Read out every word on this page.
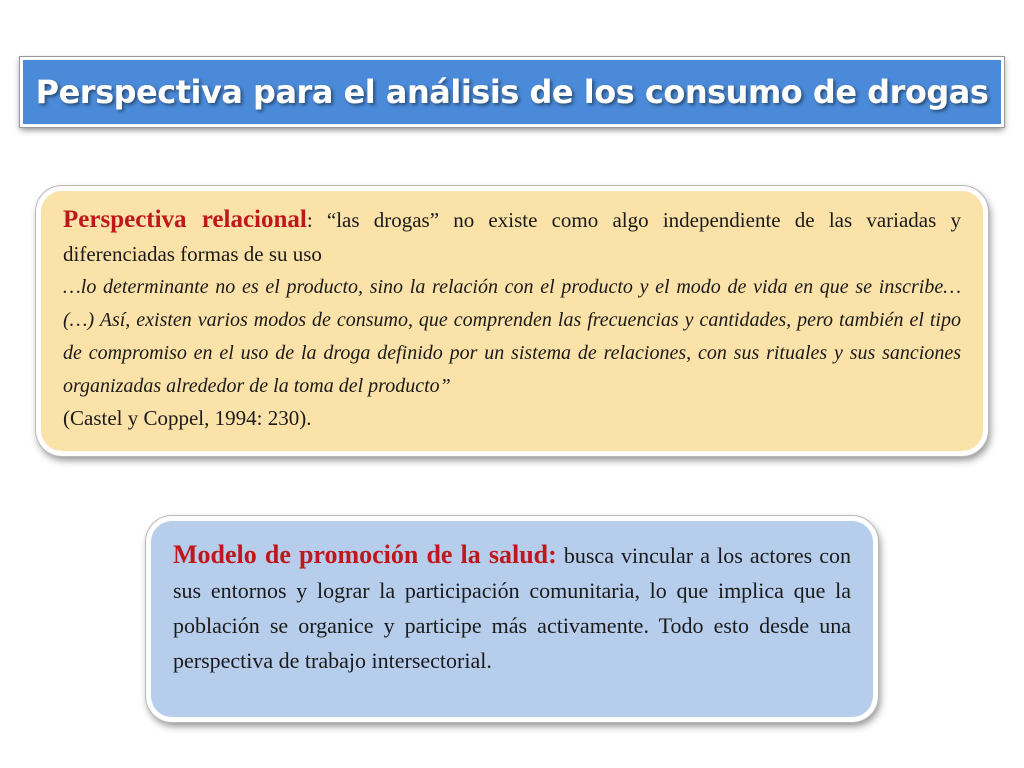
Perspectiva para el análisis de los consumo de drogas

Perspectiva relacional: “las drogas” no existe como algo independiente de las variadas y diferenciadas formas de su uso

…lo determinante no es el producto, sino la relación con el producto y el modo de vida en que se inscribe… (…) Así, existen varios modos de consumo, que comprenden las frecuencias y cantidades, pero también el tipo de compromiso en el uso de la droga definido por un sistema de relaciones, con sus rituales y sus sanciones organizadas alrededor de la toma del producto”

(Castel y Coppel, 1994: 230).

Modelo de promoción de la salud: busca vincular a los actores con sus entornos y lograr la participación comunitaria, lo que implica que la población se organice y participe más activamente. Todo esto desde una perspectiva de trabajo intersectorial.
